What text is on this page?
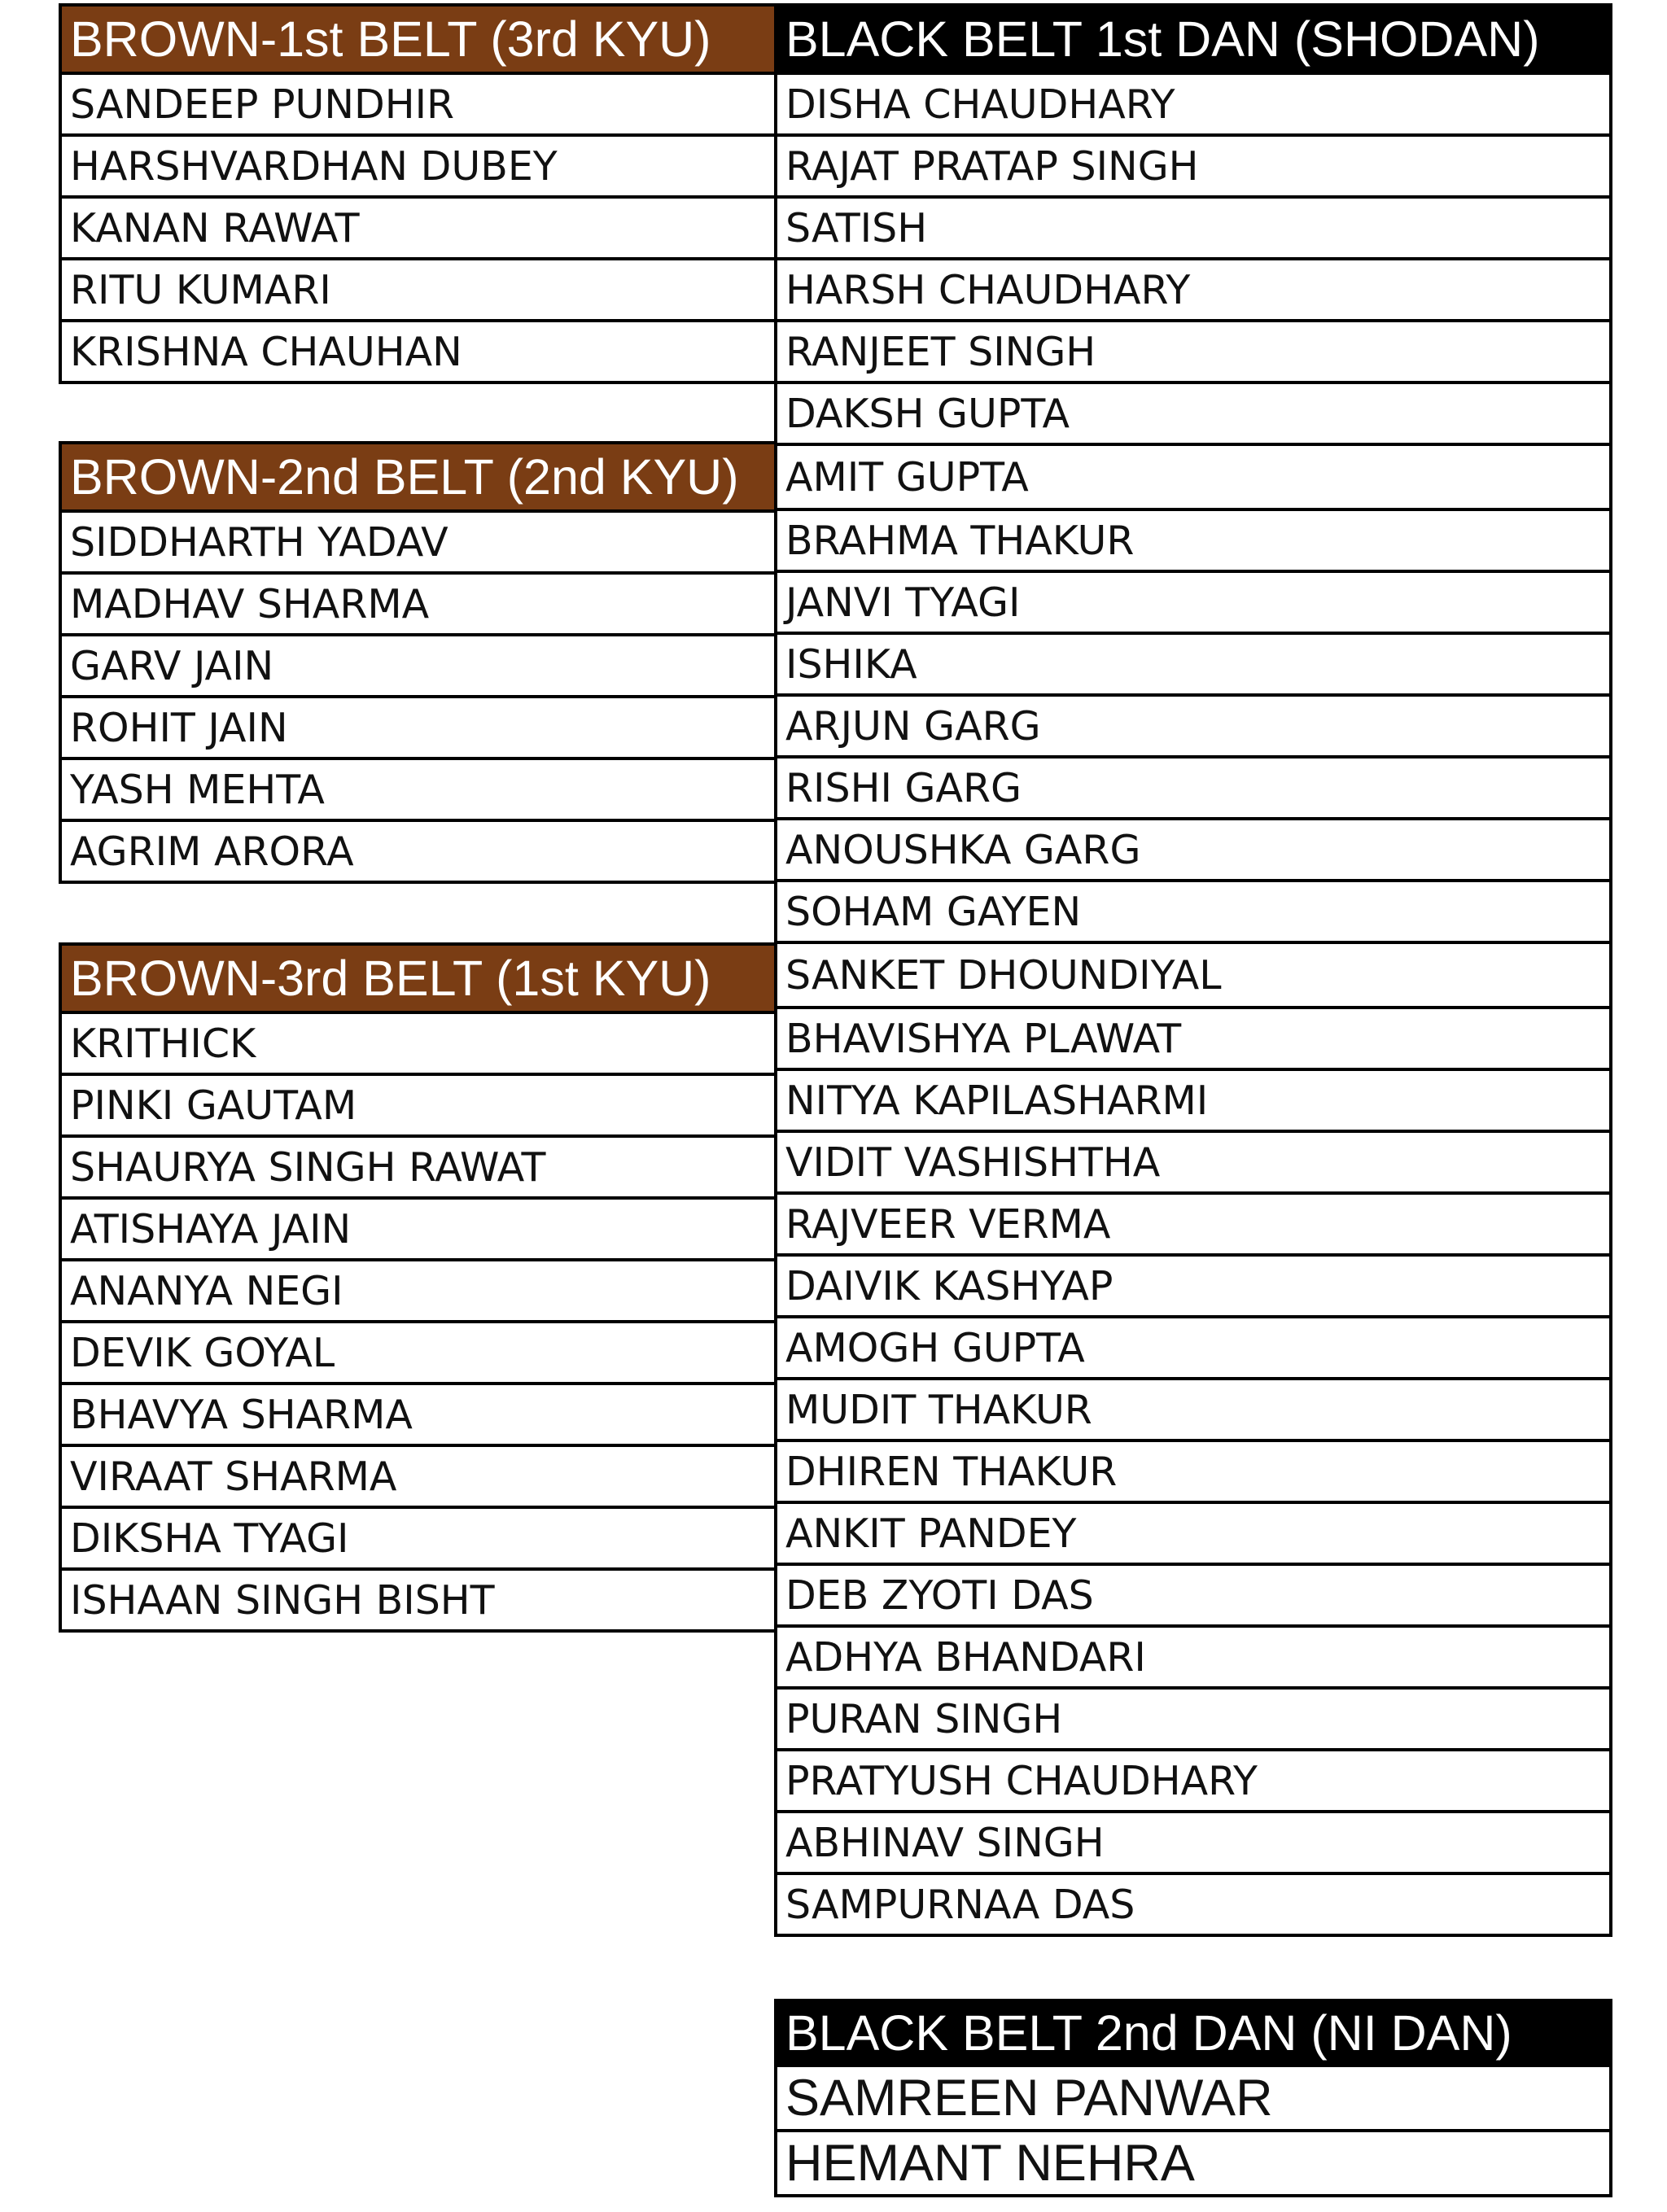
BROWN-1st BELT (3rd KYU)
SANDEEP PUNDHIR
HARSHVARDHAN DUBEY
KANAN RAWAT
RITU KUMARI
KRISHNA CHAUHAN
BROWN-2nd BELT (2nd KYU)
SIDDHARTH YADAV
MADHAV SHARMA
GARV JAIN
ROHIT JAIN
YASH MEHTA
AGRIM ARORA
BROWN-3rd BELT (1st KYU)
KRITHICK
PINKI GAUTAM
SHAURYA SINGH RAWAT
ATISHAYA JAIN
ANANYA NEGI
DEVIK GOYAL
BHAVYA SHARMA
VIRAAT SHARMA
DIKSHA TYAGI
ISHAAN SINGH BISHT
BLACK BELT 1st DAN (SHODAN)
DISHA CHAUDHARY
RAJAT PRATAP SINGH
SATISH
HARSH CHAUDHARY
RANJEET SINGH
DAKSH GUPTA
AMIT GUPTA
BRAHMA THAKUR
JANVI TYAGI
ISHIKA
ARJUN GARG
RISHI GARG
ANOUSHKA GARG
SOHAM GAYEN
SANKET DHOUNDIYAL
BHAVISHYA PLAWAT
NITYA KAPILASHARMI
VIDIT VASHISHTHA
RAJVEER VERMA
DAIVIK KASHYAP
AMOGH GUPTA
MUDIT THAKUR
DHIREN THAKUR
ANKIT PANDEY
DEB ZYOTI DAS
ADHYA BHANDARI
PURAN SINGH
PRATYUSH CHAUDHARY
ABHINAV SINGH
SAMPURNAA DAS
BLACK BELT 2nd DAN (NI DAN)
SAMREEN PANWAR
HEMANT NEHRA
